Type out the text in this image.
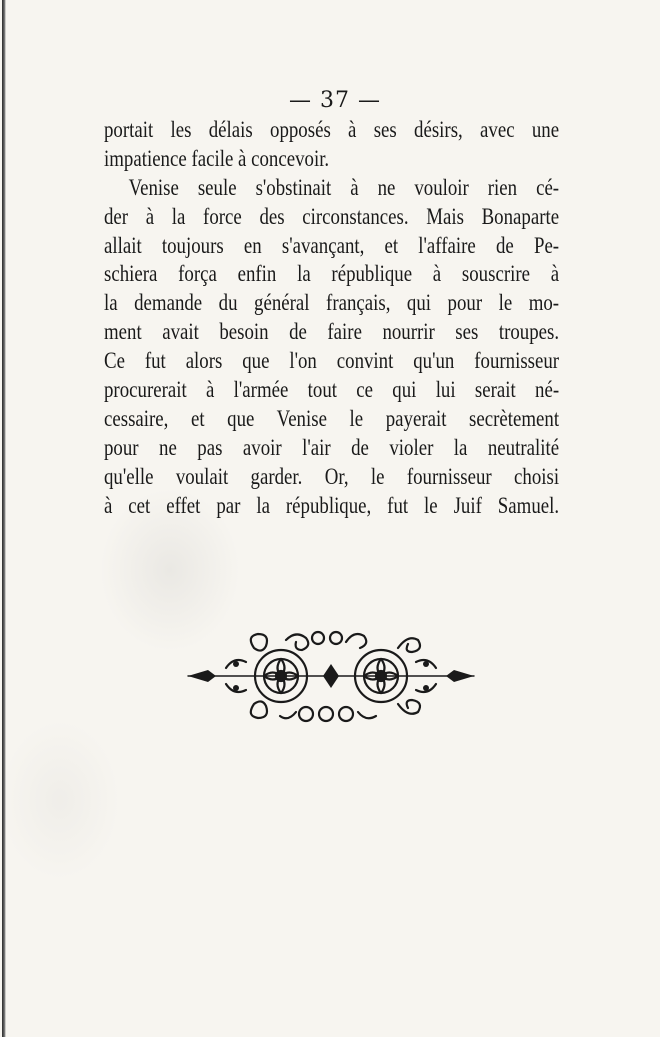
— 37 —
portait les délais opposés à ses désirs, avec une
impatience facile à concevoir.
Venise seule s'obstinait à ne vouloir rien cé-
der à la force des circonstances. Mais Bonaparte
allait toujours en s'avançant, et l'affaire de Pe-
schiera força enfin la république à souscrire à
la demande du général français, qui pour le mo-
ment avait besoin de faire nourrir ses troupes.
Ce fut alors que l'on convint qu'un fournisseur
procurerait à l'armée tout ce qui lui serait né-
cessaire, et que Venise le payerait secrètement
pour ne pas avoir l'air de violer la neutralité
qu'elle voulait garder. Or, le fournisseur choisi
à cet effet par la république, fut le Juif Samuel.
